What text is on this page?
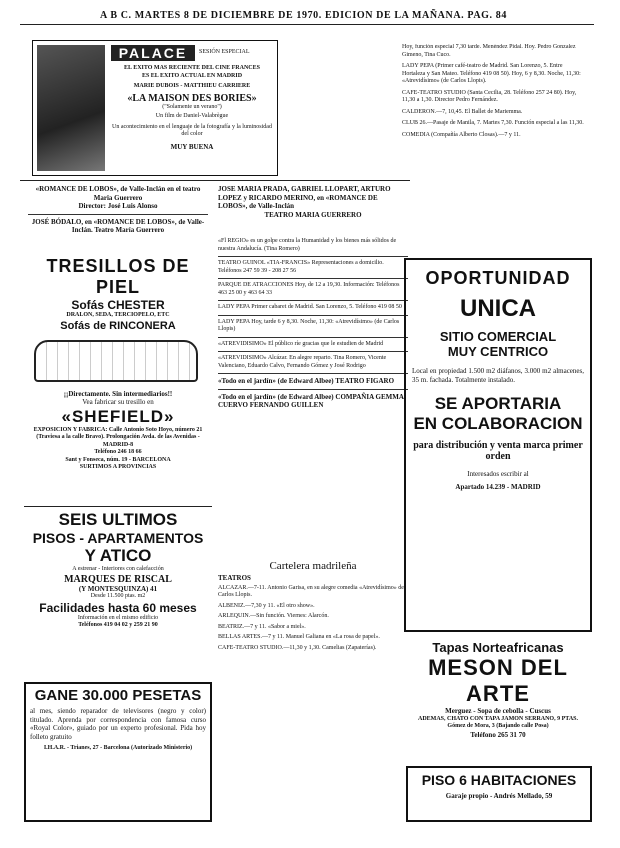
A B C. MARTES 8 DE DICIEMBRE DE 1970. EDICION DE LA MAÑANA. PAG. 84
PALACE	SESIÓN ESPECIAL

EL EXITO MAS RECIENTE DEL CINE FRANCES

ES EL EXITO ACTUAL EN MADRID

MARIE DUBOIS - MATTHIEU CARRIERE

«LA MAISON DES BORIES»

("Solamente un verano")

Un film de Daniel-Valabrègue

Un acontecimiento en el lenguaje de la fotografía y la luminosidad del color

MUY BUENA

«ROMANCE DE LOBOS», de Valle-Inclán en el teatro Maria Guerrero

Director: José Luis Alonso

JOSÉ BÓDALO, en «ROMANCE DE LOBOS», de Valle-Inclán. Teatro María Guerrero

JOSE MARIA PRADA, GABRIEL LLOPART, ARTURO LOPEZ y RICARDO MERINO, en «ROMANCE DE LOBOS», de Valle-Inclán

TEATRO MARIA GUERRERO

«Fl REGIO» es un golpe contra la Humanidad y los bienes más sólidos de nuestra Andalucía. (Tina Romero)

TEATRO GUINOL «TIA-FRANCIS» Representaciones a domicilio. Teléfonos 247 59 39 - 208 27 56

PARQUE DE ATRACCIONES Hoy, de 12 a 19,30. Información: Teléfonos 463 25 00 y 463 64 33

LADY PEPA Primer cabaret de Madrid. San Lorenzo, 5. Teléfono 419 08 50

LADY PEPA Hoy, tarde 6 y 8,30. Noche, 11,30: «Atrevidísimo» (de Carlos Llopis)

«ATREVIDISIMO» El público ríe gracias que le estudien de Madrid

«ATREVIDISIMO» Alcázar. En alegre reparto. Tina Romero, Vicente Valenciano, Eduardo Calvo, Fernando Gómez y José Rodrigo

«Todo en el jardín» (de Edward Albee) TEATRO FIGARO

«Todo en el jardín» (de Edward Albee) COMPAÑIA GEMMA CUERVO FERNANDO GUILLEN

Cartelera madrileña

TEATROS

ALCAZAR.—7-11. Antonio Garisa, en su alegre comedia «Atrevidísimo» de Carlos Llopis.

ALBENIZ.—7,30 y 11. «El otro show».

ARLEQUIN.—Sin función. Viernes: Alarcón.

BEATRIZ.—7 y 11. «Sabor a miel».

BELLAS ARTES.—7 y 11. Manuel Galiana en «La rosa de papel».

CAFE-TEATRO STUDIO.—11,30 y 1,30. Camelias (Zapaterías).

Hoy, función especial 7,30 tarde. Menéndez Pidal. Hoy. Pedro Gonzalez Gimeno, Tina Cuco.

LADY PEPA (Primer café-teatro de Madrid. San Lorenzo, 5. Entre Hortaleza y San Mateo. Teléfono 419 08 50). Hoy, 6 y 8,30. Noche, 11,30: «Atrevidísimo» (de Carlos Llopis).

CAFE-TEATRO STUDIO (Santa Cecilia, 28. Teléfono 257 24 80). Hoy, 11,30 a 1,30. Director Pedro Fernández.

CALDERON.—7, 10,45. El Ballet de Mariemma.

CLUB 26.—Pasaje de Manila, 7. Martes 7,30. Función especial a las 11,30.

COMEDIA (Compañía Alberto Closas).—7 y 11.

TRESILLOS DE PIEL

Sofás CHESTER

DRALON, SEDA, TERCIOPELO, ETC

Sofás de RINCONERA

¡¡Directamente. Sin intermediarios!!

Vea fabricar su tresillo en

«SHEFIELD»

EXPOSICION Y FABRICA: Calle Antonio Soto Hoyo, número 21 (Traviesa a la calle Bravo). Prolongación Avda. de las Avenidas - MADRID-8

Teléfono 246 18 66

Sant y Fonseca, núm. 19 - BARCELONA

SURTIMOS A PROVINCIAS

SEIS ULTIMOS

PISOS - APARTAMENTOS

Y ATICO

A estrenar - Interiores con calefacción

MARQUES DE RISCAL

(Y MONTESQUINZA) 41

Desde 11.500 ptas. m2

Facilidades hasta 60 meses

Información en el mismo edificio

Teléfonos 419 04 02 y 259 21 90

GANE 30.000 PESETAS

al mes, siendo reparador de televisores (negro y color) titulado. Aprenda por correspondencia con famosa curso «Royal Color», guiado por un experto profesional. Pida hoy folleto gratuito

I.H.A.R. - Trianes, 27 - Barcelona (Autorizado Ministerio)

OPORTUNIDAD

UNICA

SITIO COMERCIAL

MUY CENTRICO

Local en propiedad 1.500 m2 diáfanos, 3.000 m2 almacenes, 35 m. fachada. Totalmente instalado.

SE APORTARIA

EN COLABORACION

para distribución y venta marca primer orden

Interesados escribir al

Apartado 14.239 - MADRID

Tapas Norteafricanas

MESON DEL ARTE

Merguez - Sopa de cebolla - Cuscus

ADEMAS, CHATO CON TAPA JAMON SERRANO, 9 PTAS.

Gómez de Mora, 3 (Bajando calle Posa)

Teléfono 265 31 70

PISO 6 HABITACIONES

Garaje propio - Andrés Mellado, 59
